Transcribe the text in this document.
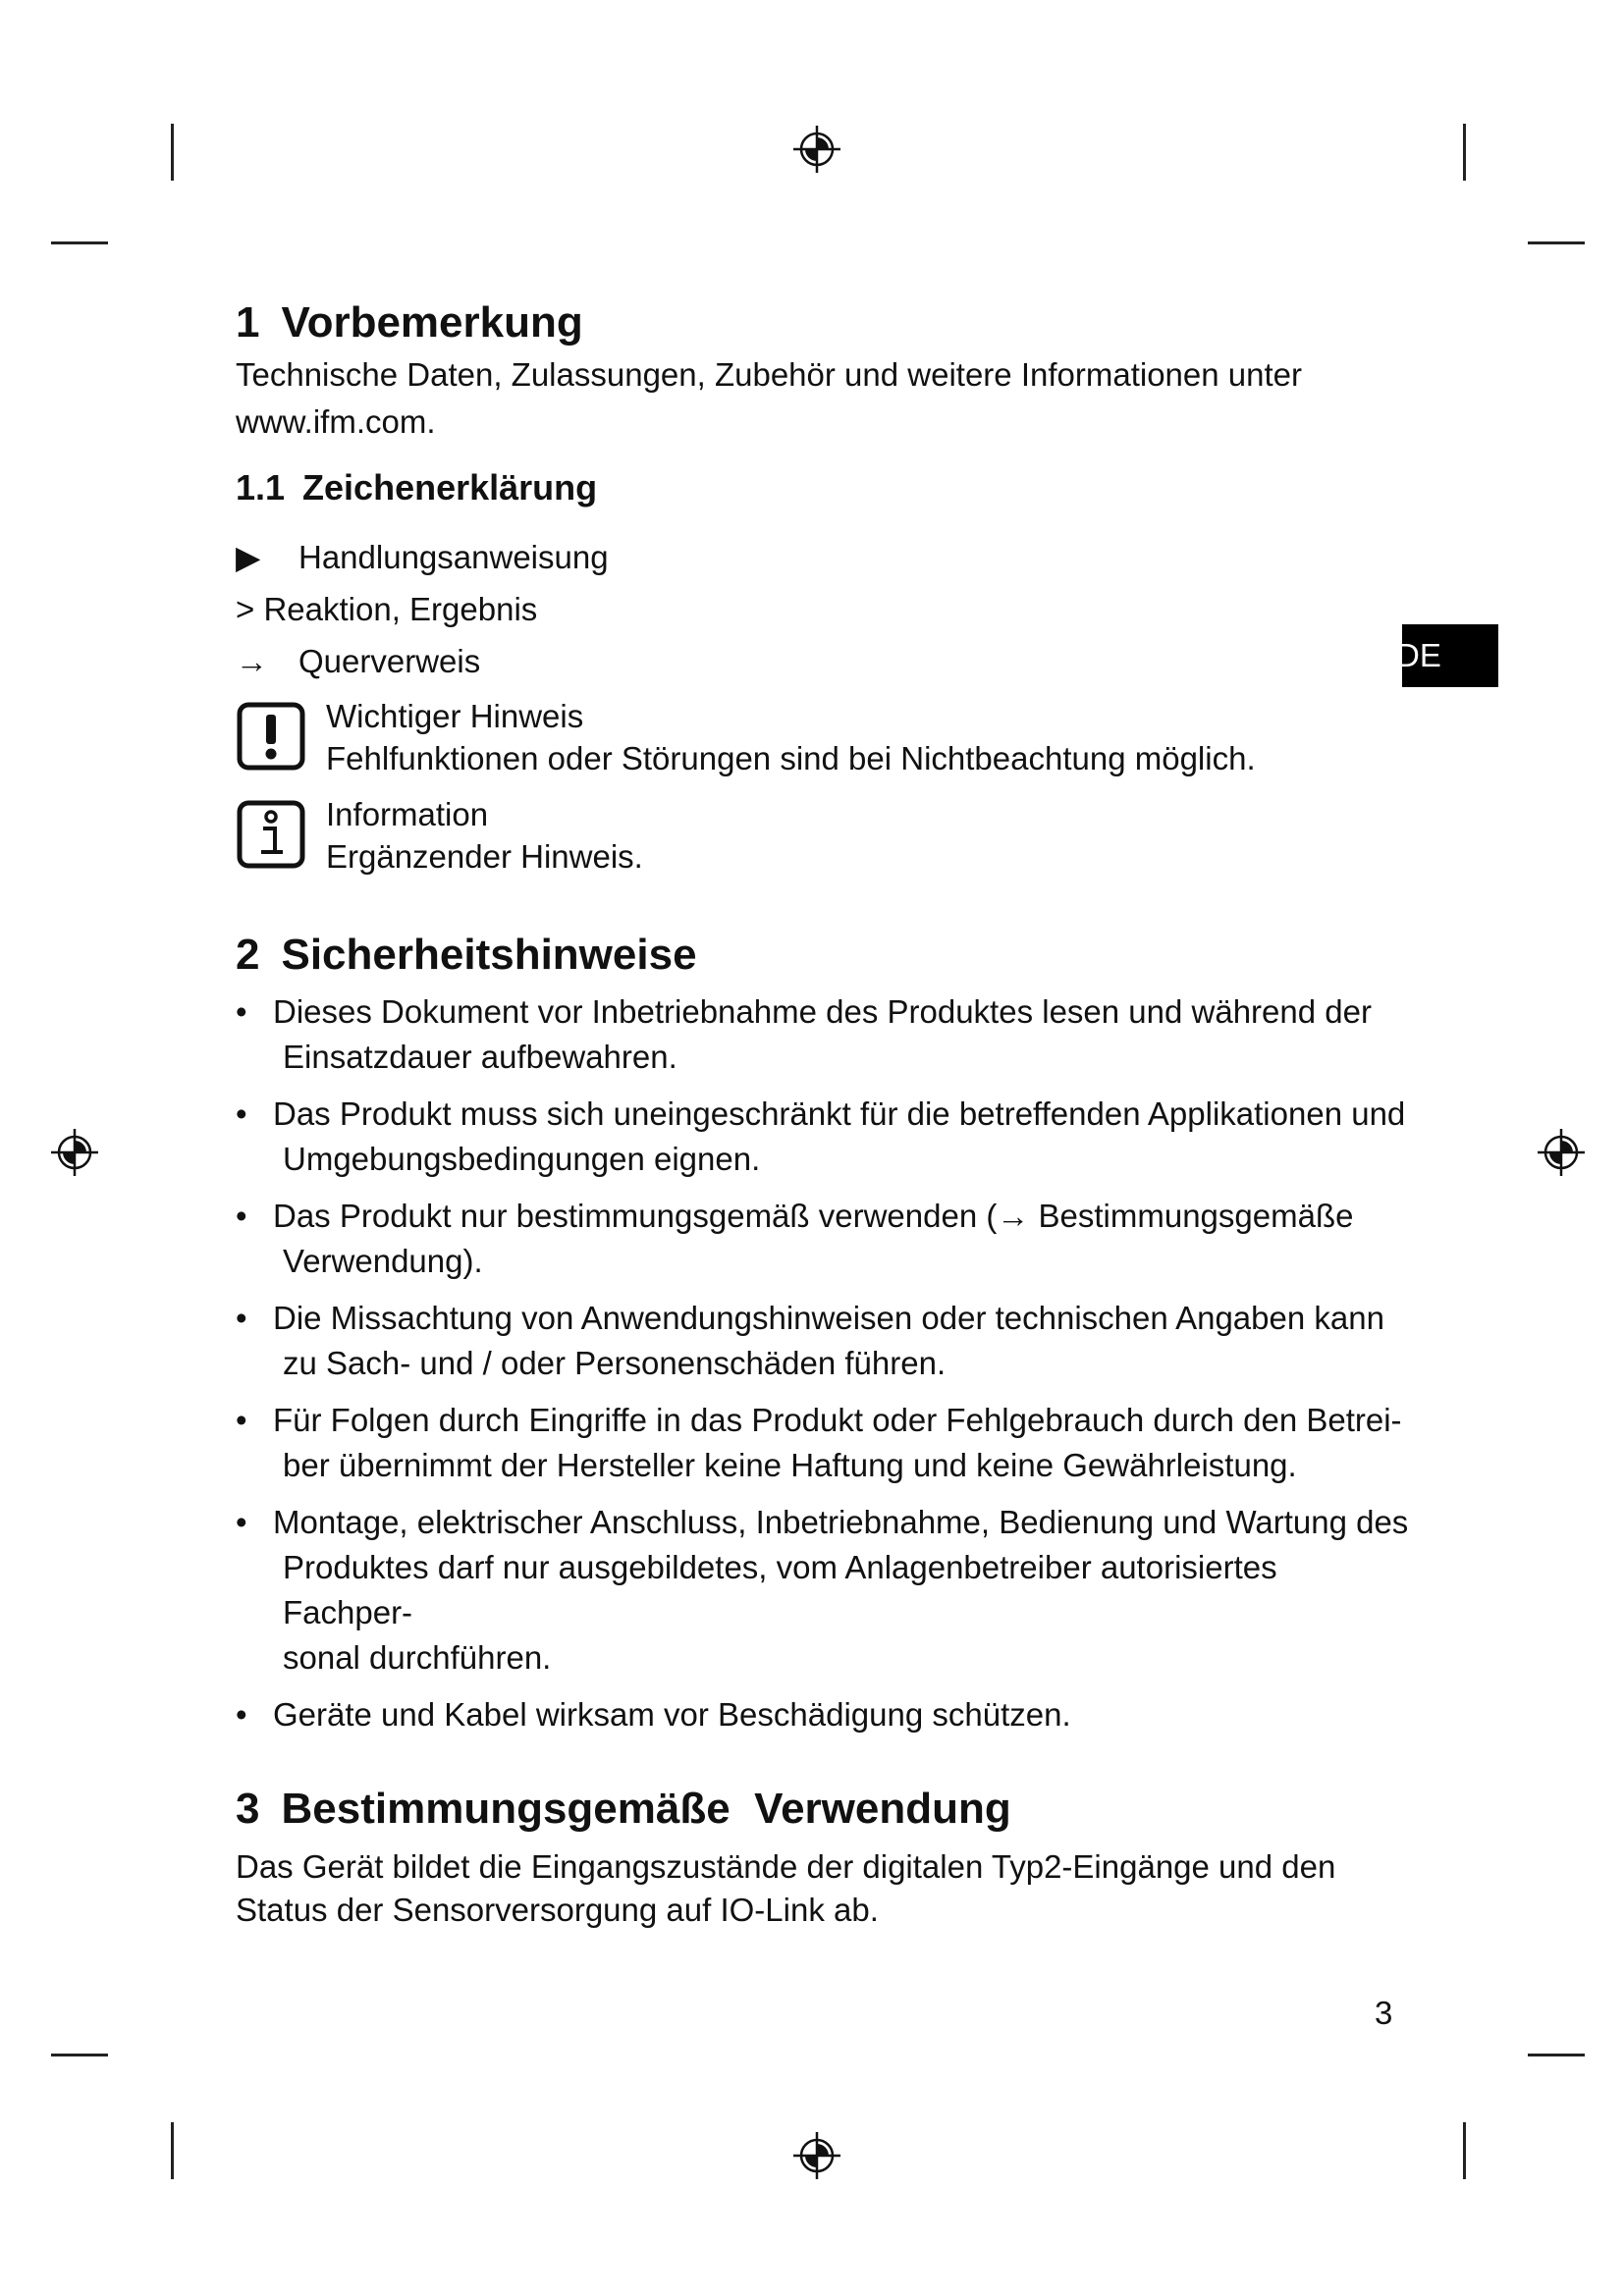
1 Vorbemerkung

Technische Daten, Zulassungen, Zubehör und weitere Informationen unter
www.ifm.com.

1.1 Zeichenerklärung
▶	Handlungsanweisung
>
Reaktion, Ergebnis
→ Querverweis
Wichtiger Hinweis
Fehlfunktionen oder Störungen sind bei Nichtbeachtung möglich.
Information
Ergänzender Hinweis.
2 Sicherheitshinweise
• Dieses Dokument vor Inbetriebnahme des Produktes lesen und während der
Einsatzdauer aufbewahren.
• Das Produkt muss sich uneingeschränkt für die betreffenden Applikationen und
Umgebungsbedingungen eignen.
• Das Produkt nur bestimmungsgemäß verwenden (→ Bestimmungsgemäße
Verwendung).
• Die Missachtung von Anwendungshinweisen oder technischen Angaben kann
zu Sach- und / oder Personenschäden führen.
• Für Folgen durch Eingriffe in das Produkt oder Fehlgebrauch durch den Betrei-
ber übernimmt der Hersteller keine Haftung und keine Gewährleistung.
• Montage, elektrischer Anschluss, Inbetriebnahme, Bedienung und Wartung des
Produktes darf nur ausgebildetes, vom Anlagenbetreiber autorisiertes Fachper-
sonal durchführen.
• Geräte und Kabel wirksam vor Beschädigung schützen.
3 Bestimmungsgemäße  Verwendung

Das Gerät bildet die Eingangszustände der digitalen Typ2-Eingänge und den
Status der Sensorversorgung auf IO-Link ab.

DE
3
